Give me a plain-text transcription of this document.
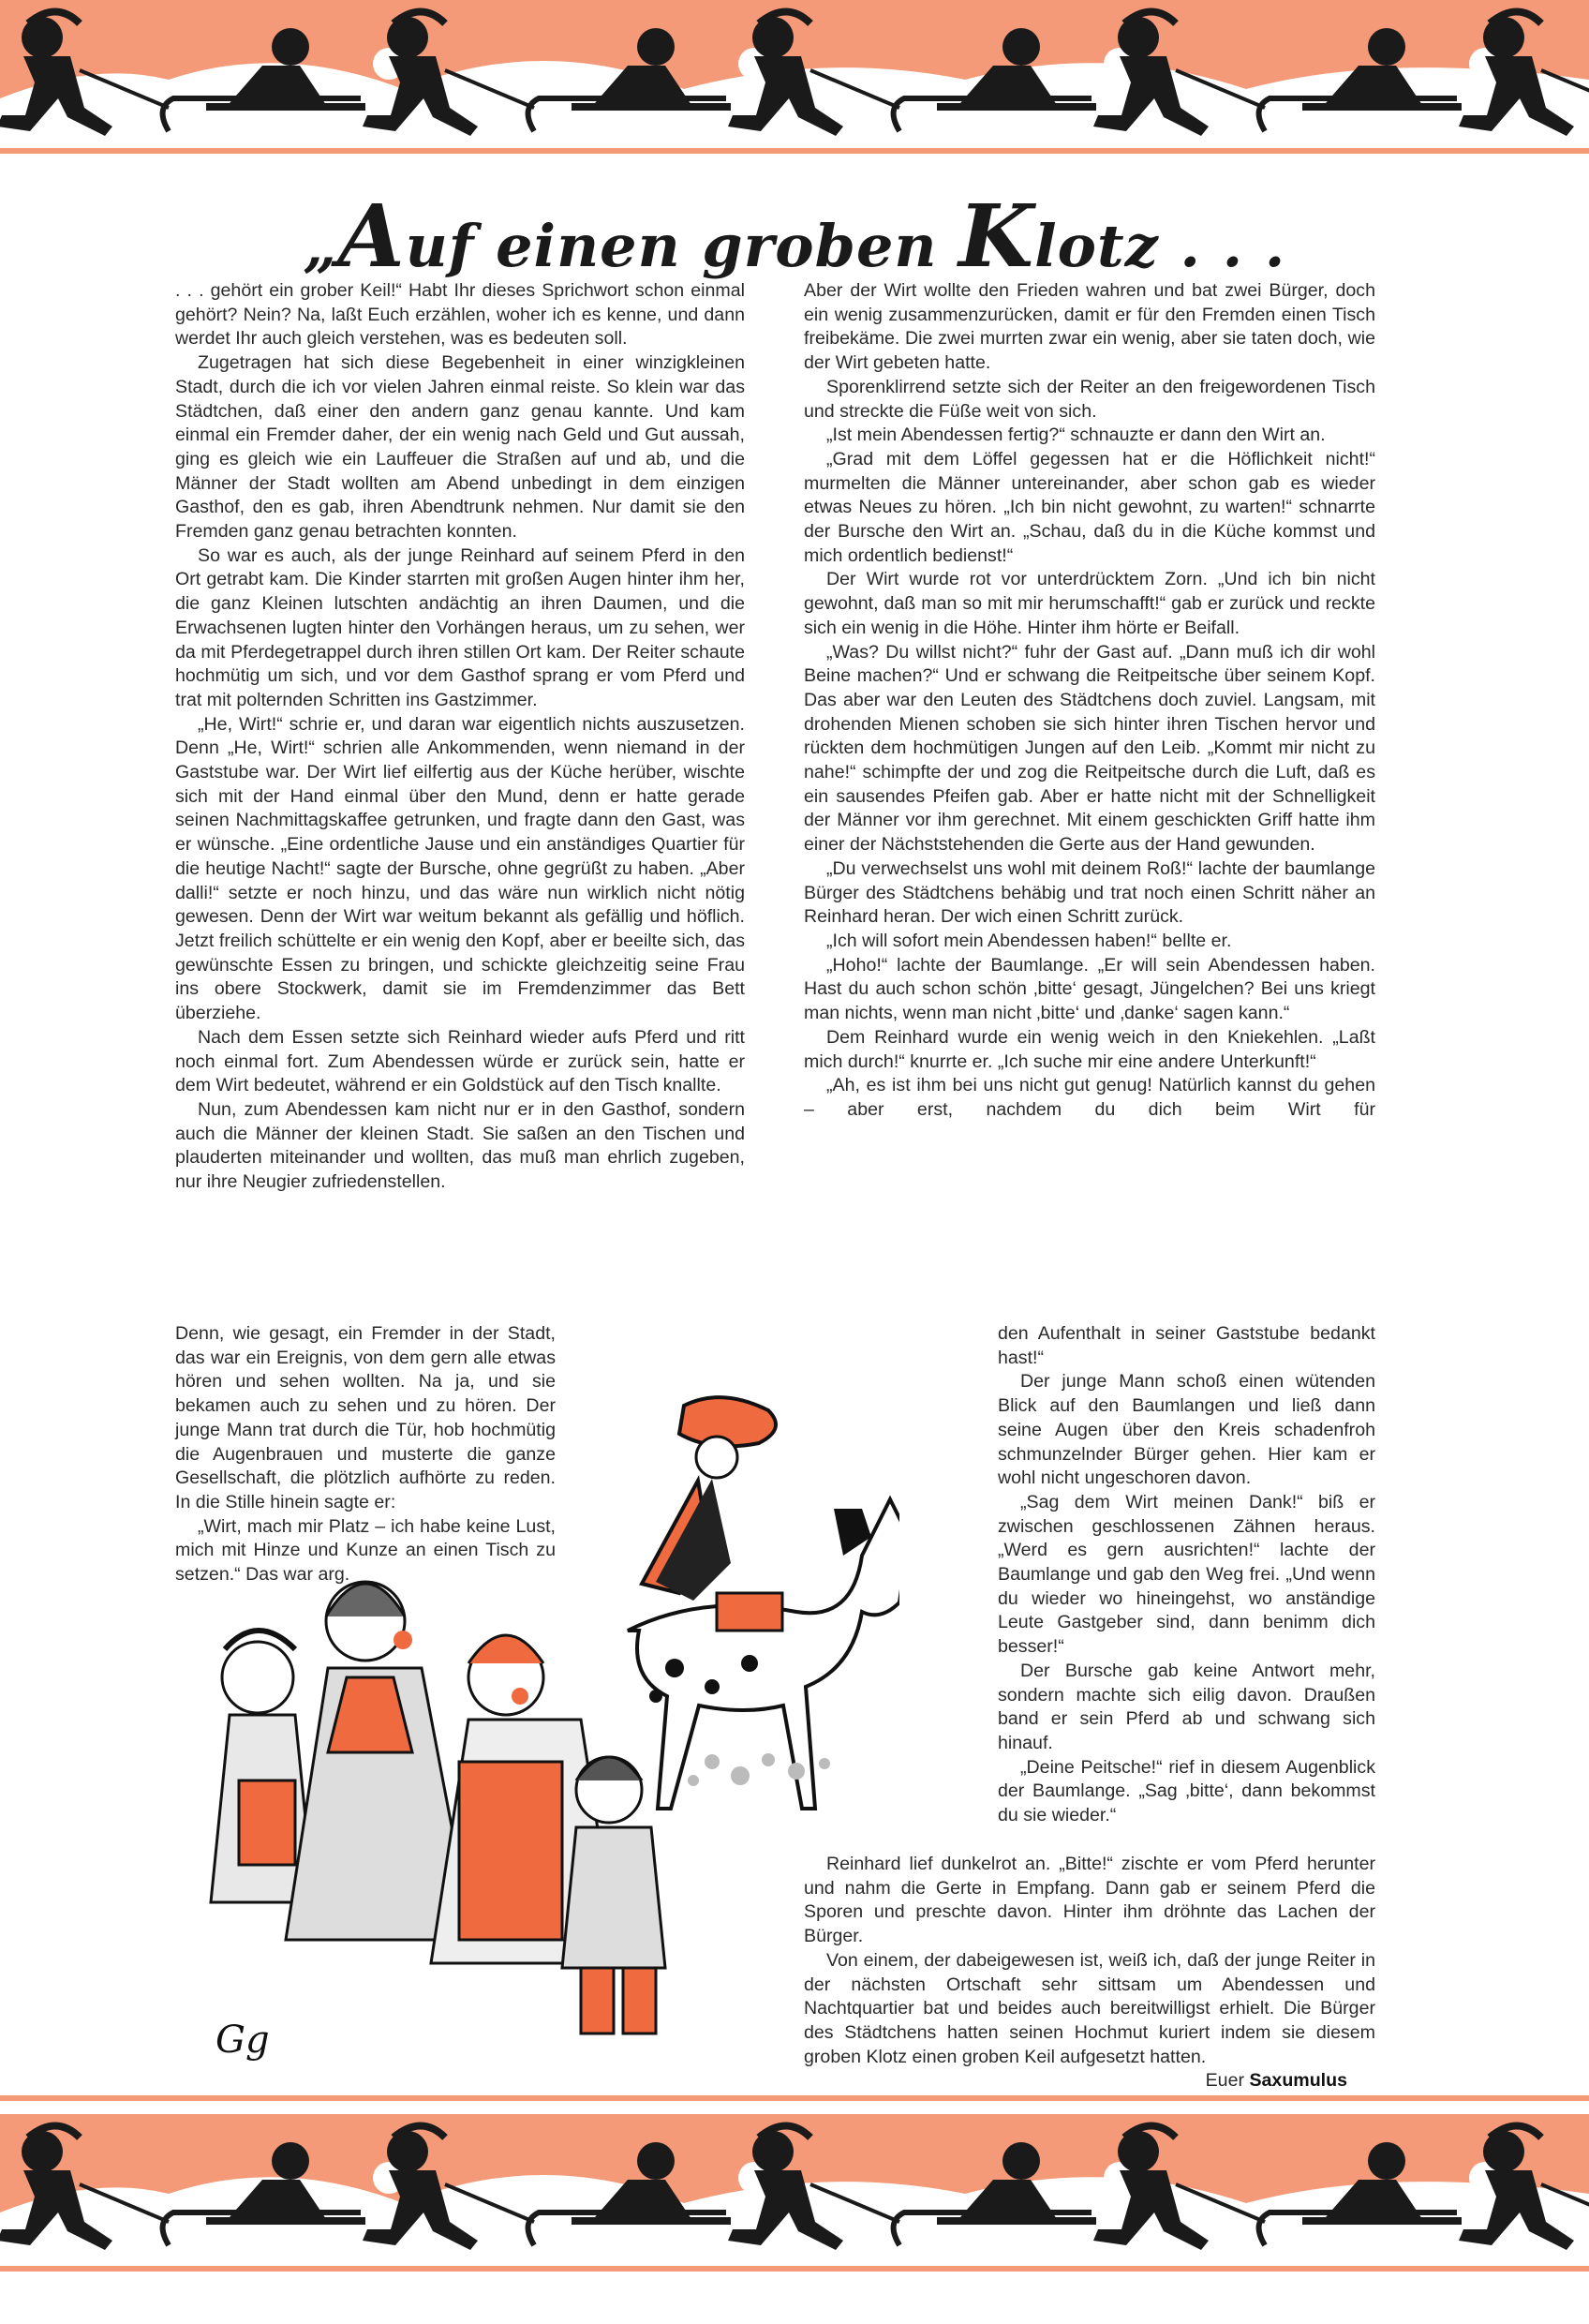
„Auf einen groben Klotz . . .

. . . gehört ein grober Keil!“ Habt Ihr dieses Sprichwort schon einmal gehört? Nein? Na, laßt Euch erzählen, woher ich es kenne, und dann werdet Ihr auch gleich verstehen, was es bedeuten soll.

Zugetragen hat sich diese Begebenheit in einer winzigkleinen Stadt, durch die ich vor vielen Jahren einmal reiste. So klein war das Städtchen, daß einer den andern ganz genau kannte. Und kam einmal ein Fremder daher, der ein wenig nach Geld und Gut aussah, ging es gleich wie ein Lauffeuer die Straßen auf und ab, und die Männer der Stadt wollten am Abend unbedingt in dem einzigen Gasthof, den es gab, ihren Abendtrunk nehmen. Nur damit sie den Fremden ganz genau betrachten konnten.

So war es auch, als der junge Reinhard auf seinem Pferd in den Ort getrabt kam. Die Kinder starrten mit großen Augen hinter ihm her, die ganz Kleinen lutschten andächtig an ihren Daumen, und die Erwachsenen lugten hinter den Vorhängen heraus, um zu sehen, wer da mit Pferdegetrappel durch ihren stillen Ort kam. Der Reiter schaute hochmütig um sich, und vor dem Gasthof sprang er vom Pferd und trat mit polternden Schritten ins Gastzimmer.

„He, Wirt!“ schrie er, und daran war eigentlich nichts auszusetzen. Denn „He, Wirt!“ schrien alle Ankommenden, wenn niemand in der Gaststube war. Der Wirt lief eilfertig aus der Küche herüber, wischte sich mit der Hand einmal über den Mund, denn er hatte gerade seinen Nachmittagskaffee getrunken, und fragte dann den Gast, was er wünsche. „Eine ordentliche Jause und ein anständiges Quartier für die heutige Nacht!“ sagte der Bursche, ohne gegrüßt zu haben. „Aber dalli!“ setzte er noch hinzu, und das wäre nun wirklich nicht nötig gewesen. Denn der Wirt war weitum bekannt als gefällig und höflich. Jetzt freilich schüttelte er ein wenig den Kopf, aber er beeilte sich, das gewünschte Essen zu bringen, und schickte gleichzeitig seine Frau ins obere Stockwerk, damit sie im Fremdenzimmer das Bett überziehe.

Nach dem Essen setzte sich Reinhard wieder aufs Pferd und ritt noch einmal fort. Zum Abendessen würde er zurück sein, hatte er dem Wirt bedeutet, während er ein Goldstück auf den Tisch knallte.

Nun, zum Abendessen kam nicht nur er in den Gasthof, sondern auch die Männer der kleinen Stadt. Sie saßen an den Tischen und plauderten miteinander und wollten, das muß man ehrlich zugeben, nur ihre Neugier zufriedenstellen.

Denn, wie gesagt, ein Fremder in der Stadt, das war ein Ereignis, von dem gern alle etwas hören und sehen wollten. Na ja, und sie bekamen auch zu sehen und zu hören. Der junge Mann trat durch die Tür, hob hochmütig die Augenbrauen und musterte die ganze Gesellschaft, die plötzlich aufhörte zu reden. In die Stille hinein sagte er:

„Wirt, mach mir Platz – ich habe keine Lust, mich mit Hinze und Kunze an einen Tisch zu setzen.“ Das war arg.

Aber der Wirt wollte den Frieden wahren und bat zwei Bürger, doch ein wenig zusammenzurücken, damit er für den Fremden einen Tisch freibekäme. Die zwei murrten zwar ein wenig, aber sie taten doch, wie der Wirt gebeten hatte.

Sporenklirrend setzte sich der Reiter an den freigewordenen Tisch und streckte die Füße weit von sich.

„Ist mein Abendessen fertig?“ schnauzte er dann den Wirt an.

„Grad mit dem Löffel gegessen hat er die Höflichkeit nicht!“ murmelten die Männer untereinander, aber schon gab es wieder etwas Neues zu hören. „Ich bin nicht gewohnt, zu warten!“ schnarrte der Bursche den Wirt an. „Schau, daß du in die Küche kommst und mich ordentlich bedienst!“

Der Wirt wurde rot vor unterdrücktem Zorn. „Und ich bin nicht gewohnt, daß man so mit mir herumschafft!“ gab er zurück und reckte sich ein wenig in die Höhe. Hinter ihm hörte er Beifall.

„Was? Du willst nicht?“ fuhr der Gast auf. „Dann muß ich dir wohl Beine machen?“ Und er schwang die Reitpeitsche über seinem Kopf. Das aber war den Leuten des Städtchens doch zuviel. Langsam, mit drohenden Mienen schoben sie sich hinter ihren Tischen hervor und rückten dem hochmütigen Jungen auf den Leib. „Kommt mir nicht zu nahe!“ schimpfte der und zog die Reitpeitsche durch die Luft, daß es ein sausendes Pfeifen gab. Aber er hatte nicht mit der Schnelligkeit der Männer vor ihm gerechnet. Mit einem geschickten Griff hatte ihm einer der Nächststehenden die Gerte aus der Hand gewunden.

„Du verwechselst uns wohl mit deinem Roß!“ lachte der baumlange Bürger des Städtchens behäbig und trat noch einen Schritt näher an Reinhard heran. Der wich einen Schritt zurück.

„Ich will sofort mein Abendessen haben!“ bellte er.

„Hoho!“ lachte der Baumlange. „Er will sein Abendessen haben. Hast du auch schon schön ‚bitte‘ gesagt, Jüngelchen? Bei uns kriegt man nichts, wenn man nicht ‚bitte‘ und ‚danke‘ sagen kann.“

Dem Reinhard wurde ein wenig weich in den Kniekehlen. „Laßt mich durch!“ knurrte er. „Ich suche mir eine andere Unterkunft!“

„Ah, es ist ihm bei uns nicht gut genug! Natürlich kannst du gehen – aber erst, nachdem du dich beim Wirt für

den Aufenthalt in seiner Gaststube bedankt hast!“

Der junge Mann schoß einen wütenden Blick auf den Baumlangen und ließ dann seine Augen über den Kreis schadenfroh schmunzelnder Bürger gehen. Hier kam er wohl nicht ungeschoren davon.

„Sag dem Wirt meinen Dank!“ biß er zwischen geschlossenen Zähnen heraus. „Werd es gern ausrichten!“ lachte der Baumlange und gab den Weg frei. „Und wenn du wieder wo hineingehst, wo anständige Leute Gastgeber sind, dann benimm dich besser!“

Der Bursche gab keine Antwort mehr, sondern machte sich eilig davon. Draußen band er sein Pferd ab und schwang sich hinauf.

„Deine Peitsche!“ rief in diesem Augenblick der Baumlange. „Sag ‚bitte‘, dann bekommst du sie wieder.“

Reinhard lief dunkelrot an. „Bitte!“ zischte er vom Pferd herunter und nahm die Gerte in Empfang. Dann gab er seinem Pferd die Sporen und preschte davon. Hinter ihm dröhnte das Lachen der Bürger.

Von einem, der dabeigewesen ist, weiß ich, daß der junge Reiter in der nächsten Ortschaft sehr sittsam um Abendessen und Nachtquartier bat und beides auch bereitwilligst erhielt. Die Bürger des Städtchens hatten seinen Hochmut kuriert indem sie diesem groben Klotz einen groben Keil aufgesetzt hatten.

Euer Saxumulus
Gg
